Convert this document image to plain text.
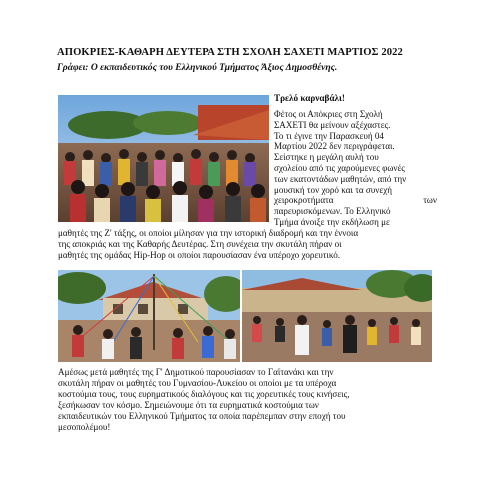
ΑΠΟΚΡΙΕΣ-ΚΑΘΑΡΗ ΔΕΥΤΕΡΑ ΣΤΗ ΣΧΟΛΗ ΣΑΧΕΤΙ ΜΑΡΤΙΟΣ 2022
Γράφει: Ο εκπαιδευτικός του Ελληνικού Τμήματος Άξιος Δημοσθένης.
Τρελό καρναβάλι!

Φέτος οι Απόκριες στη Σχολή
ΣΑΧΕΤΙ θα μείνουν αξέχαστες.
Το τι έγινε την Παρασκευή 04
Μαρτίου 2022 δεν περιγράφεται.
Σείστηκε η μεγάλη αυλή του
σχολείου από τις χαρούμενες φωνές
των εκατοντάδων μαθητών, από την
μουσική τον χορό και τα συνεχή
χειροκροτήματα των
παρευρισκόμενων. Το Ελληνικό
Τμήμα άνοιξε την εκδήλωση με

μαθητές της Ζ' τάξης, οι οποίοι μίλησαν για την ιστορική διαδρομή και την έννοια
της αποκριάς και της Καθαρής Δευτέρας. Στη συνέχεια την σκυτάλη πήραν οι
μαθητές της ομάδας Hip-Hop οι οποίοι παρουσίασαν ένα υπέροχο χορευτικό.

Αμέσως μετά μαθητές της Γ' Δημοτικού παρουσίασαν το Γαϊτανάκι και την
σκυτάλη πήραν οι μαθητές του Γυμνασίου-Λυκείου οι οποίοι με τα υπέροχα
κοστούμια τους, τους ευρηματικούς διαλόγους και τις χορευτικές τους κινήσεις,
ξεσήκωσαν τον κόσμο. Σημειώνουμε ότι τα ευρηματικά κοστούμια των
εκπαιδευτικών του Ελληνικού Τμήματος τα οποία παρέπεμπαν στην εποχή του
μεσοπολέμου!
